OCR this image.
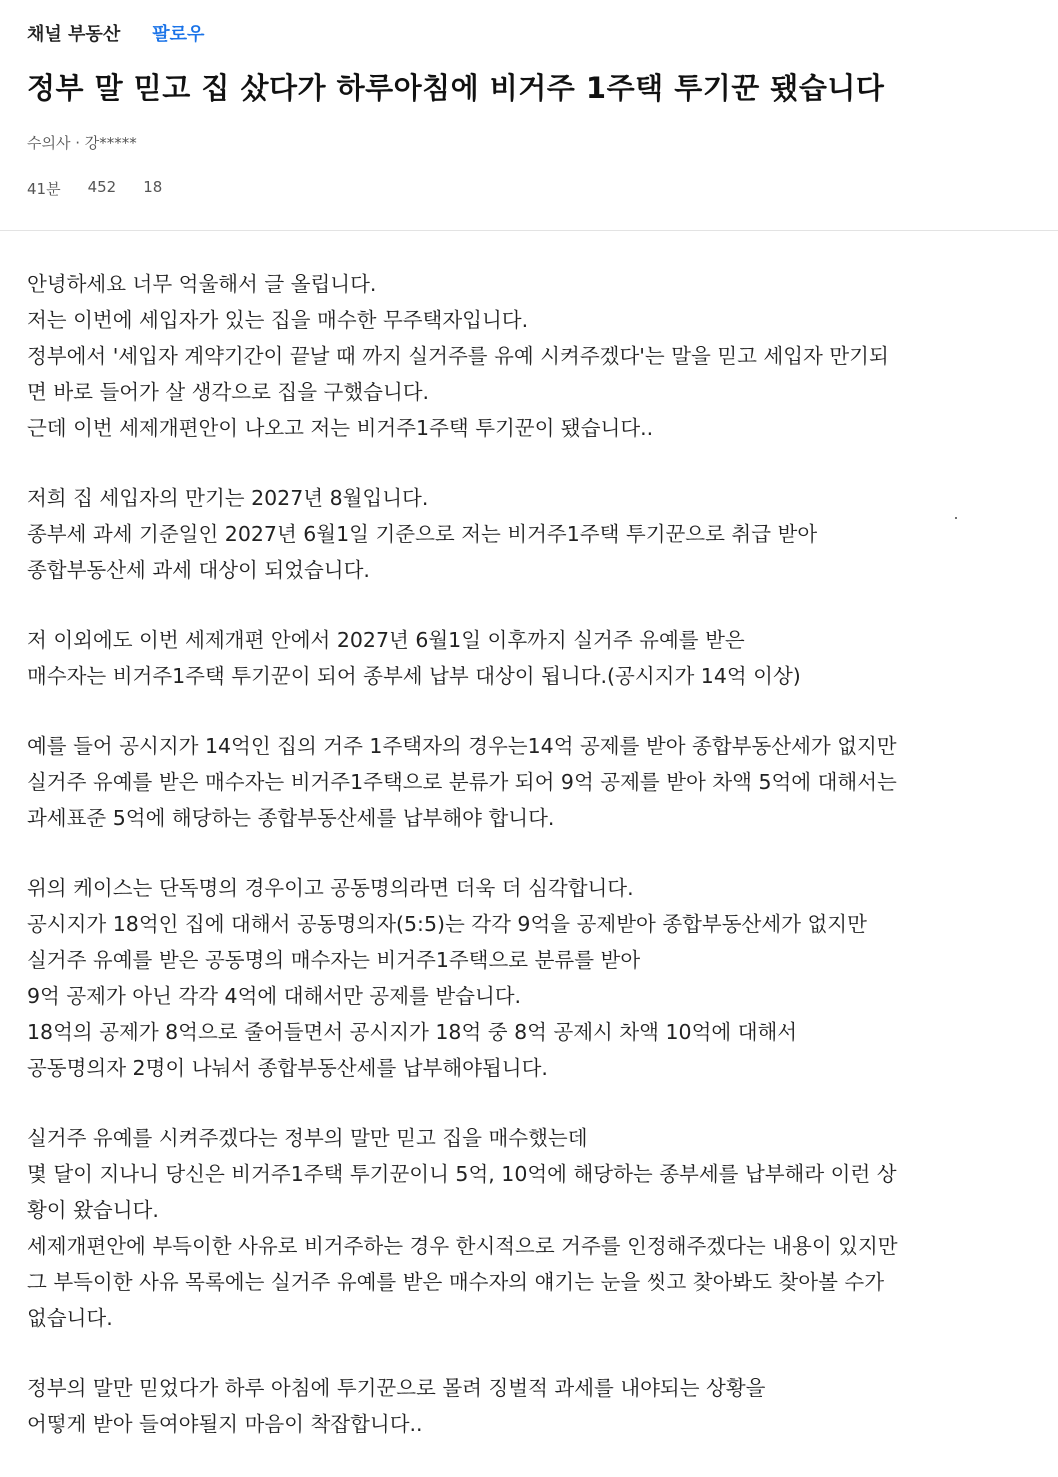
채널 부동산 팔로우
정부 말 믿고 집 샀다가 하루아침에 비거주 1주택 투기꾼 됐습니다
수의사 · 강*****
41분 452 18
안녕하세요 너무 억울해서 글 올립니다.
저는 이번에 세입자가 있는 집을 매수한 무주택자입니다.
정부에서 '세입자 계약기간이 끝날 때 까지 실거주를 유예 시켜주겠다'는 말을 믿고 세입자 만기되
면 바로 들어가 살 생각으로 집을 구했습니다.
근데 이번 세제개편안이 나오고 저는 비거주1주택 투기꾼이 됐습니다..
저희 집 세입자의 만기는 2027년 8월입니다.
종부세 과세 기준일인 2027년 6월1일 기준으로 저는 비거주1주택 투기꾼으로 취급 받아
종합부동산세 과세 대상이 되었습니다.
저 이외에도 이번 세제개편 안에서 2027년 6월1일 이후까지 실거주 유예를 받은
매수자는 비거주1주택 투기꾼이 되어 종부세 납부 대상이 됩니다.(공시지가 14억 이상)
예를 들어 공시지가 14억인 집의 거주 1주택자의 경우는14억 공제를 받아 종합부동산세가 없지만
실거주 유예를 받은 매수자는 비거주1주택으로 분류가 되어 9억 공제를 받아 차액 5억에 대해서는
과세표준 5억에 해당하는 종합부동산세를 납부해야 합니다.
위의 케이스는 단독명의 경우이고 공동명의라면 더욱 더 심각합니다.
공시지가 18억인 집에 대해서 공동명의자(5:5)는 각각 9억을 공제받아 종합부동산세가 없지만
실거주 유예를 받은 공동명의 매수자는 비거주1주택으로 분류를 받아
9억 공제가 아닌 각각 4억에 대해서만 공제를 받습니다.
18억의 공제가 8억으로 줄어들면서 공시지가 18억 중 8억 공제시 차액 10억에 대해서
공동명의자 2명이 나눠서 종합부동산세를 납부해야됩니다.
실거주 유예를 시켜주겠다는 정부의 말만 믿고 집을 매수했는데
몇 달이 지나니 당신은 비거주1주택 투기꾼이니 5억, 10억에 해당하는 종부세를 납부해라 이런 상
황이 왔습니다.
세제개편안에 부득이한 사유로 비거주하는 경우 한시적으로 거주를 인정해주겠다는 내용이 있지만
그 부득이한 사유 목록에는 실거주 유예를 받은 매수자의 얘기는 눈을 씻고 찾아봐도 찾아볼 수가
없습니다.
정부의 말만 믿었다가 하루 아침에 투기꾼으로 몰려 징벌적 과세를 내야되는 상황을
어떻게 받아 들여야될지 마음이 착잡합니다..
